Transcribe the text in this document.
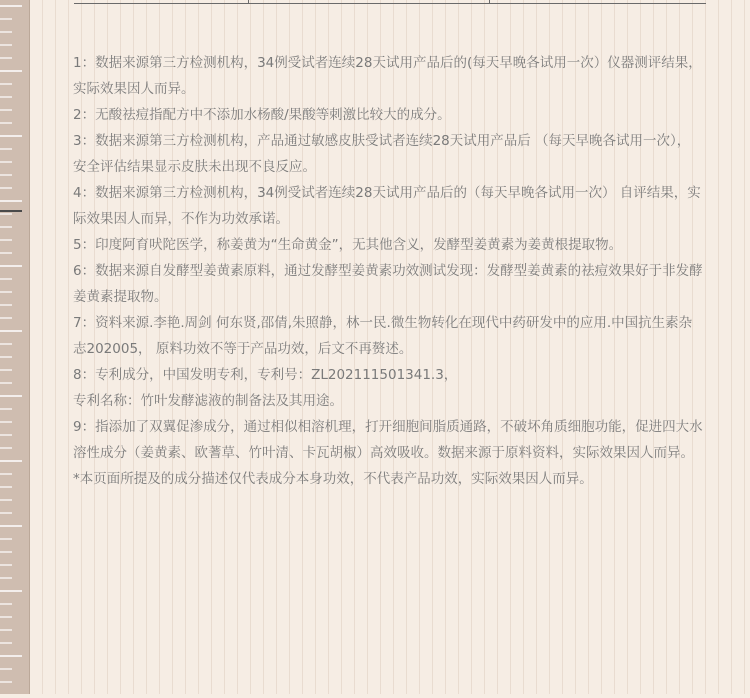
1：数据来源第三方检测机构，34例受试者连续28天试用产品后的(每天早晚各试用一次）仪器测评结果，实际效果因人而异。
2：无酸祛痘指配方中不添加水杨酸/果酸等刺激比较大的成分。
3：数据来源第三方检测机构，产品通过敏感皮肤受试者连续28天试用产品后 （每天早晚各试用一次），安全评估结果显示皮肤未出现不良反应。
4：数据来源第三方检测机构，34例受试者连续28天试用产品后的（每天早晚各试用一次） 自评结果，实际效果因人而异，不作为功效承诺。
5：印度阿育吠陀医学，称姜黄为“生命黄金”，无其他含义，发酵型姜黄素为姜黄根提取物。
6：数据来源自发酵型姜黄素原料，通过发酵型姜黄素功效测试发现：发酵型姜黄素的祛痘效果好于非发酵姜黄素提取物。
7：资料来源.李艳.周剑 何东贤,邵倩,朱照静，林一民.微生物转化在现代中药研发中的应用.中国抗生素杂志202005， 原料功效不等于产品功效，后文不再赘述。
8：专利成分，中国发明专利，专利号：ZL202111501341.3，
专利名称：竹叶发酵滤液的制备法及其用途。
9：指添加了双翼促渗成分，通过相似相溶机理，打开细胞间脂质通路，不破坏角质细胞功能，促进四大水溶性成分（姜黄素、欧蓍草、竹叶清、卡瓦胡椒）高效吸收。数据来源于原料资料，实际效果因人而异。
*本页面所提及的成分描述仅代表成分本身功效，不代表产品功效，实际效果因人而异。
